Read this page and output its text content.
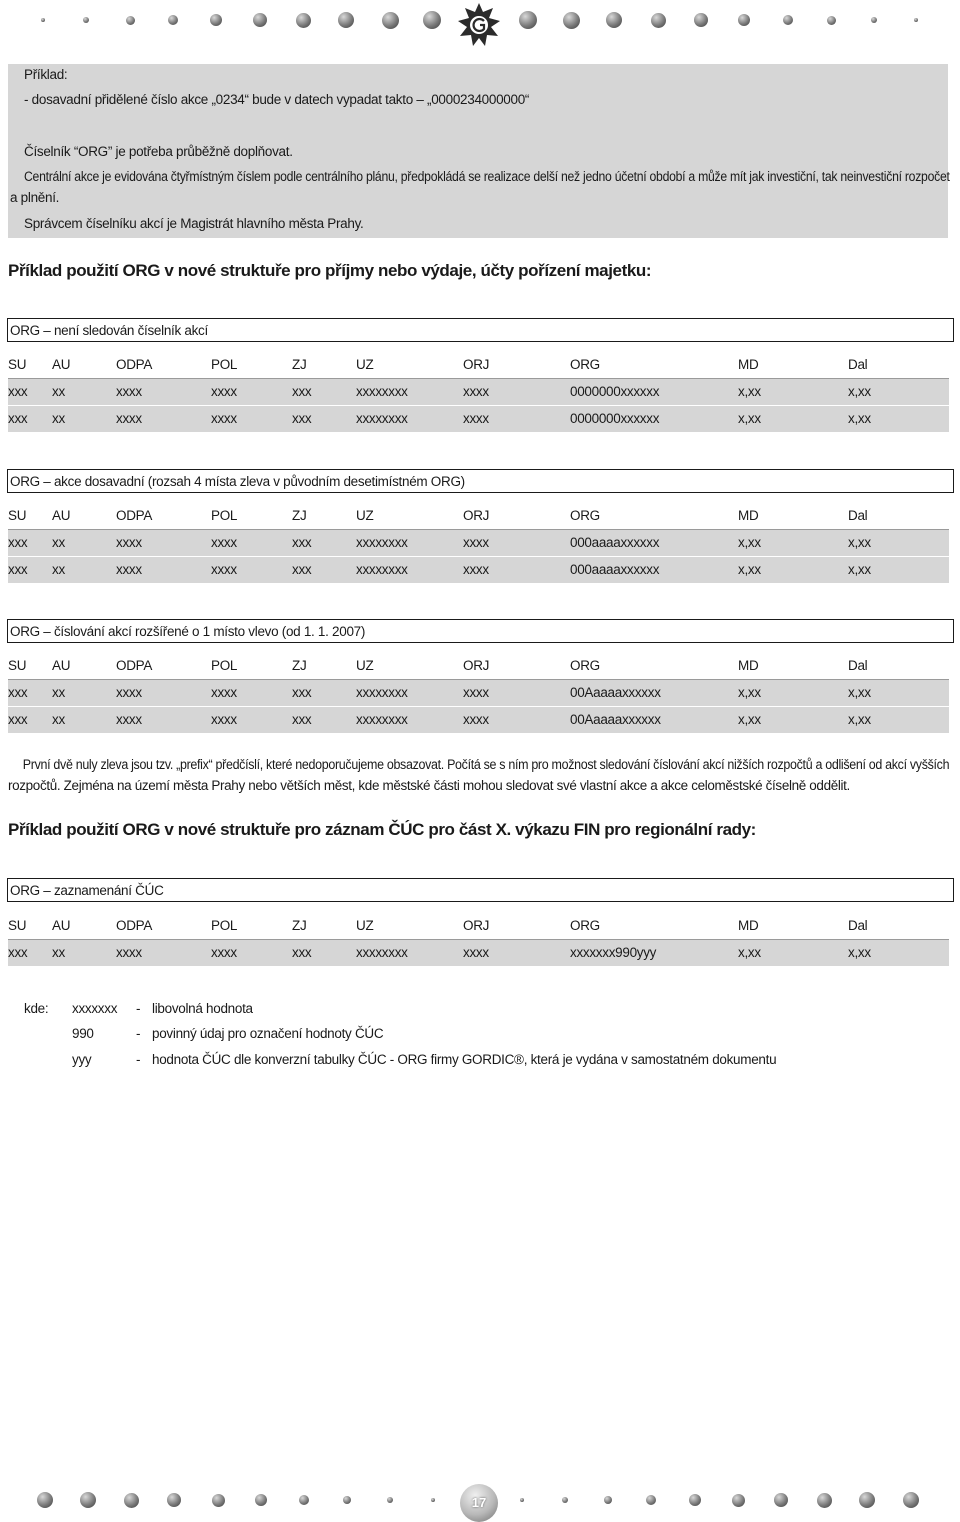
Příklad:
- dosavadní přidělené číslo akce „0234“ bude v datech vypadat takto – „0000234000000“
Číselník “ORG” je potřeba průběžně doplňovat.
Centrální akce je evidována čtyřmístným číslem podle centrálního plánu, předpokládá se realizace delší než jedno účetní období a může mít jak investiční, tak neinvestiční rozpočet
a plnění.
Správcem číselníku akcí je Magistrát hlavního města Prahy.
Příklad použití ORG v nové struktuře pro příjmy nebo výdaje, účty pořízení majetku:
ORG – není sledován číselník akcí
SU AU	ODPA	POL	ZJ	UZ	ORJ	ORG	MD	Dal
xxx xx	xxxx	xxxx	xxx	xxxxxxxx	xxxx	0000000xxxxxx	x,xx	x,xx
xxx xx	xxxx	xxxx	xxx	xxxxxxxx	xxxx	0000000xxxxxx	x,xx	x,xx
ORG – akce dosavadní (rozsah 4 místa zleva v původním desetimístném ORG)
SU AU	ODPA	POL	ZJ	UZ	ORJ	ORG	MD	Dal
xxx xx	xxxx	xxxx	xxx	xxxxxxxx	xxxx	000aaaaxxxxxx	x,xx	x,xx
xxx xx	xxxx	xxxx	xxx	xxxxxxxx	xxxx	000aaaaxxxxxx	x,xx	x,xx
ORG – číslování akcí rozšířené o 1 místo vlevo (od 1. 1. 2007)
SU AU	ODPA	POL	ZJ	UZ	ORJ	ORG	MD	Dal
xxx xx	xxxx	xxxx	xxx	xxxxxxxx	xxxx	00Aaaaaxxxxxx	x,xx	x,xx
xxx xx	xxxx	xxxx	xxx	xxxxxxxx	xxxx	00Aaaaaxxxxxx	x,xx	x,xx
První dvě nuly zleva jsou tzv. „prefix“ předčíslí, které nedoporučujeme obsazovat. Počítá se s ním pro možnost sledování číslování akcí nižších rozpočtů a odlišení od akcí vyšších
rozpočtů. Zejména na území města Prahy nebo větších měst, kde městské části mohou sledovat své vlastní akce a akce celoměstské číselně oddělit.
Příklad použití ORG v nové struktuře pro záznam ČÚC pro část X. výkazu FIN pro regionální rady:
ORG – zaznamenání ČÚC
SU AU	ODPA	POL	ZJ	UZ	ORJ	ORG	MD	Dal
xxx xx	xxxx	xxxx	xxx	xxxxxxxx	xxxx	xxxxxxx990yyy	x,xx	x,xx
kde: xxxxxxx - libovolná hodnota
990	- povinný údaj pro označení hodnoty ČÚC
yyy	- hodnota ČÚC dle konverzní tabulky ČÚC - ORG firmy GORDIC®, která je vydána v samostatném dokumentu
17
